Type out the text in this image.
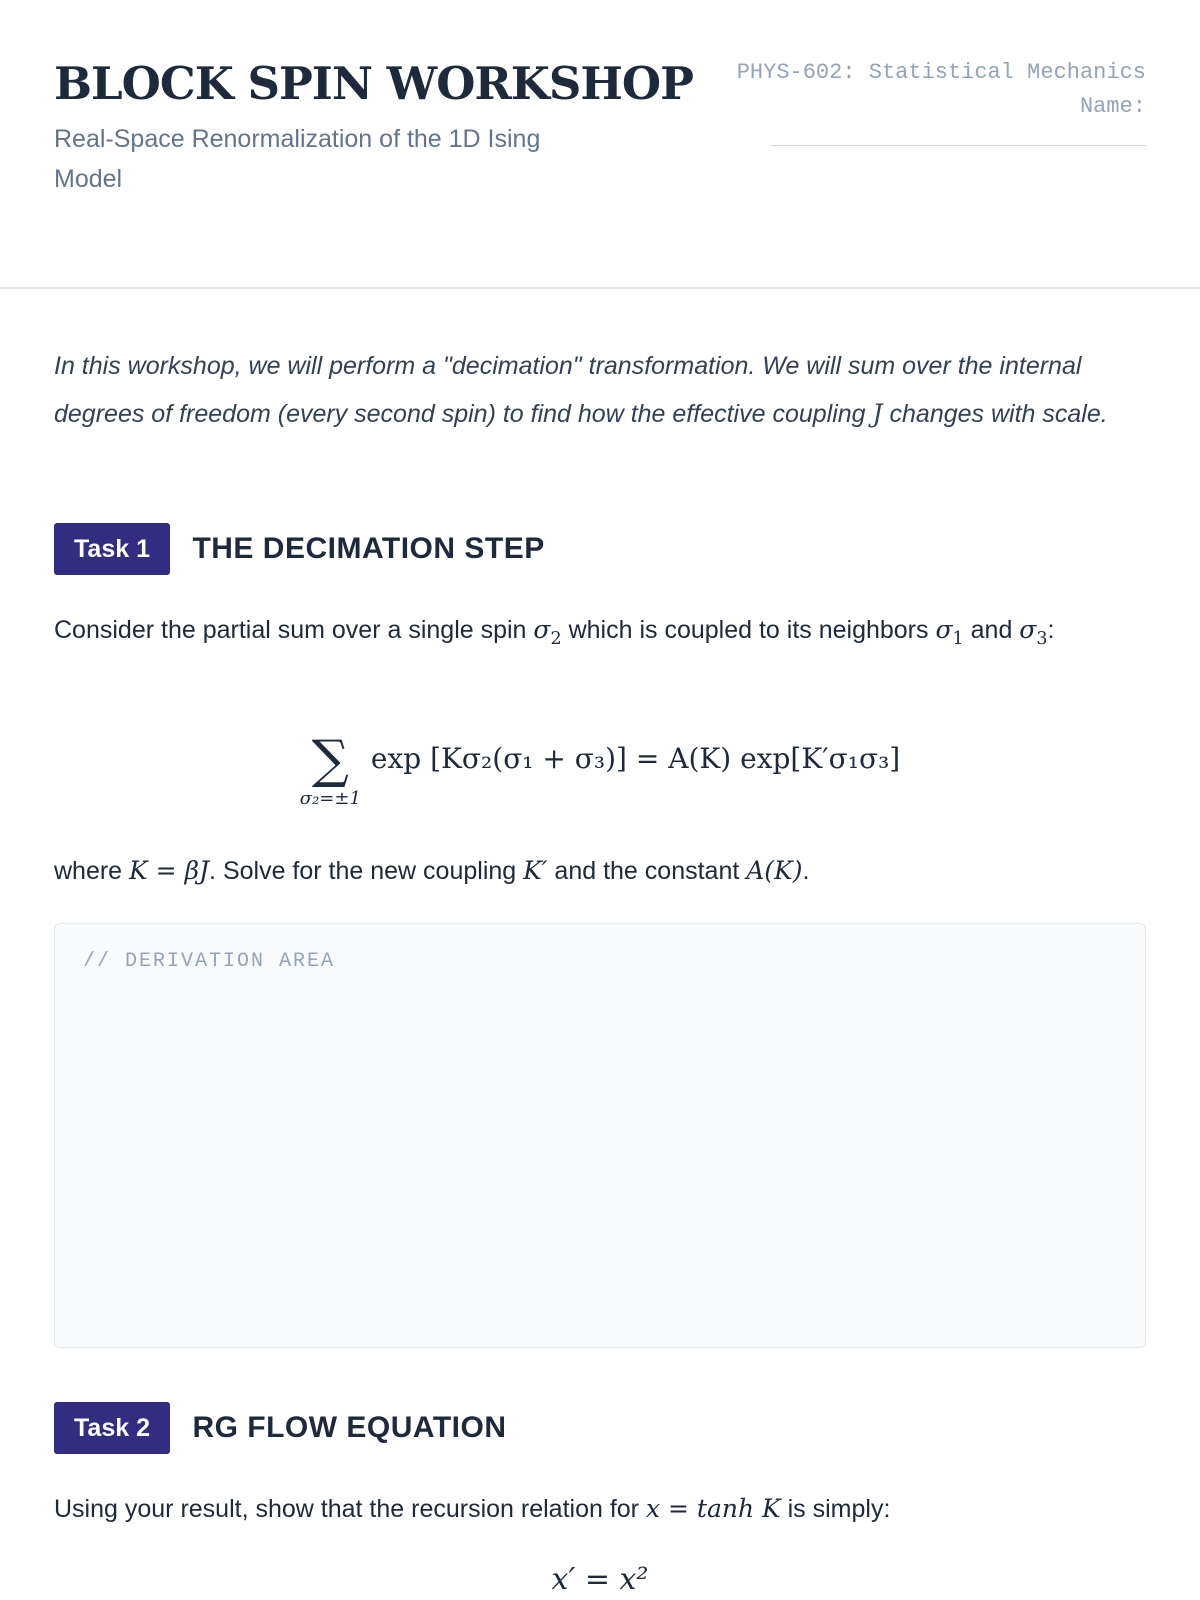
BLOCK SPIN WORKSHOP

Real-Space Renormalization of the 1D Ising Model

PHYS-602: Statistical Mechanics

Name:

In this workshop, we will perform a "decimation" transformation. We will sum over the internal degrees of freedom (every second spin) to find how the effective coupling J changes with scale.

Task 1 THE DECIMATION STEP

Consider the partial sum over a single spin $\sigma_2$ which is coupled to its neighbors $\sigma_1$ and $\sigma_3$:

∑
σ₂=±1
exp [Kσ₂(σ₁ + σ₃)] = A(K) exp[K′σ₁σ₃]

where K = βJ. Solve for the new coupling K′ and the constant A(K).

// DERIVATION AREA

Task 2 RG FLOW EQUATION

Using your result, show that the recursion relation for x = tanh K is simply:

x′ = x²
